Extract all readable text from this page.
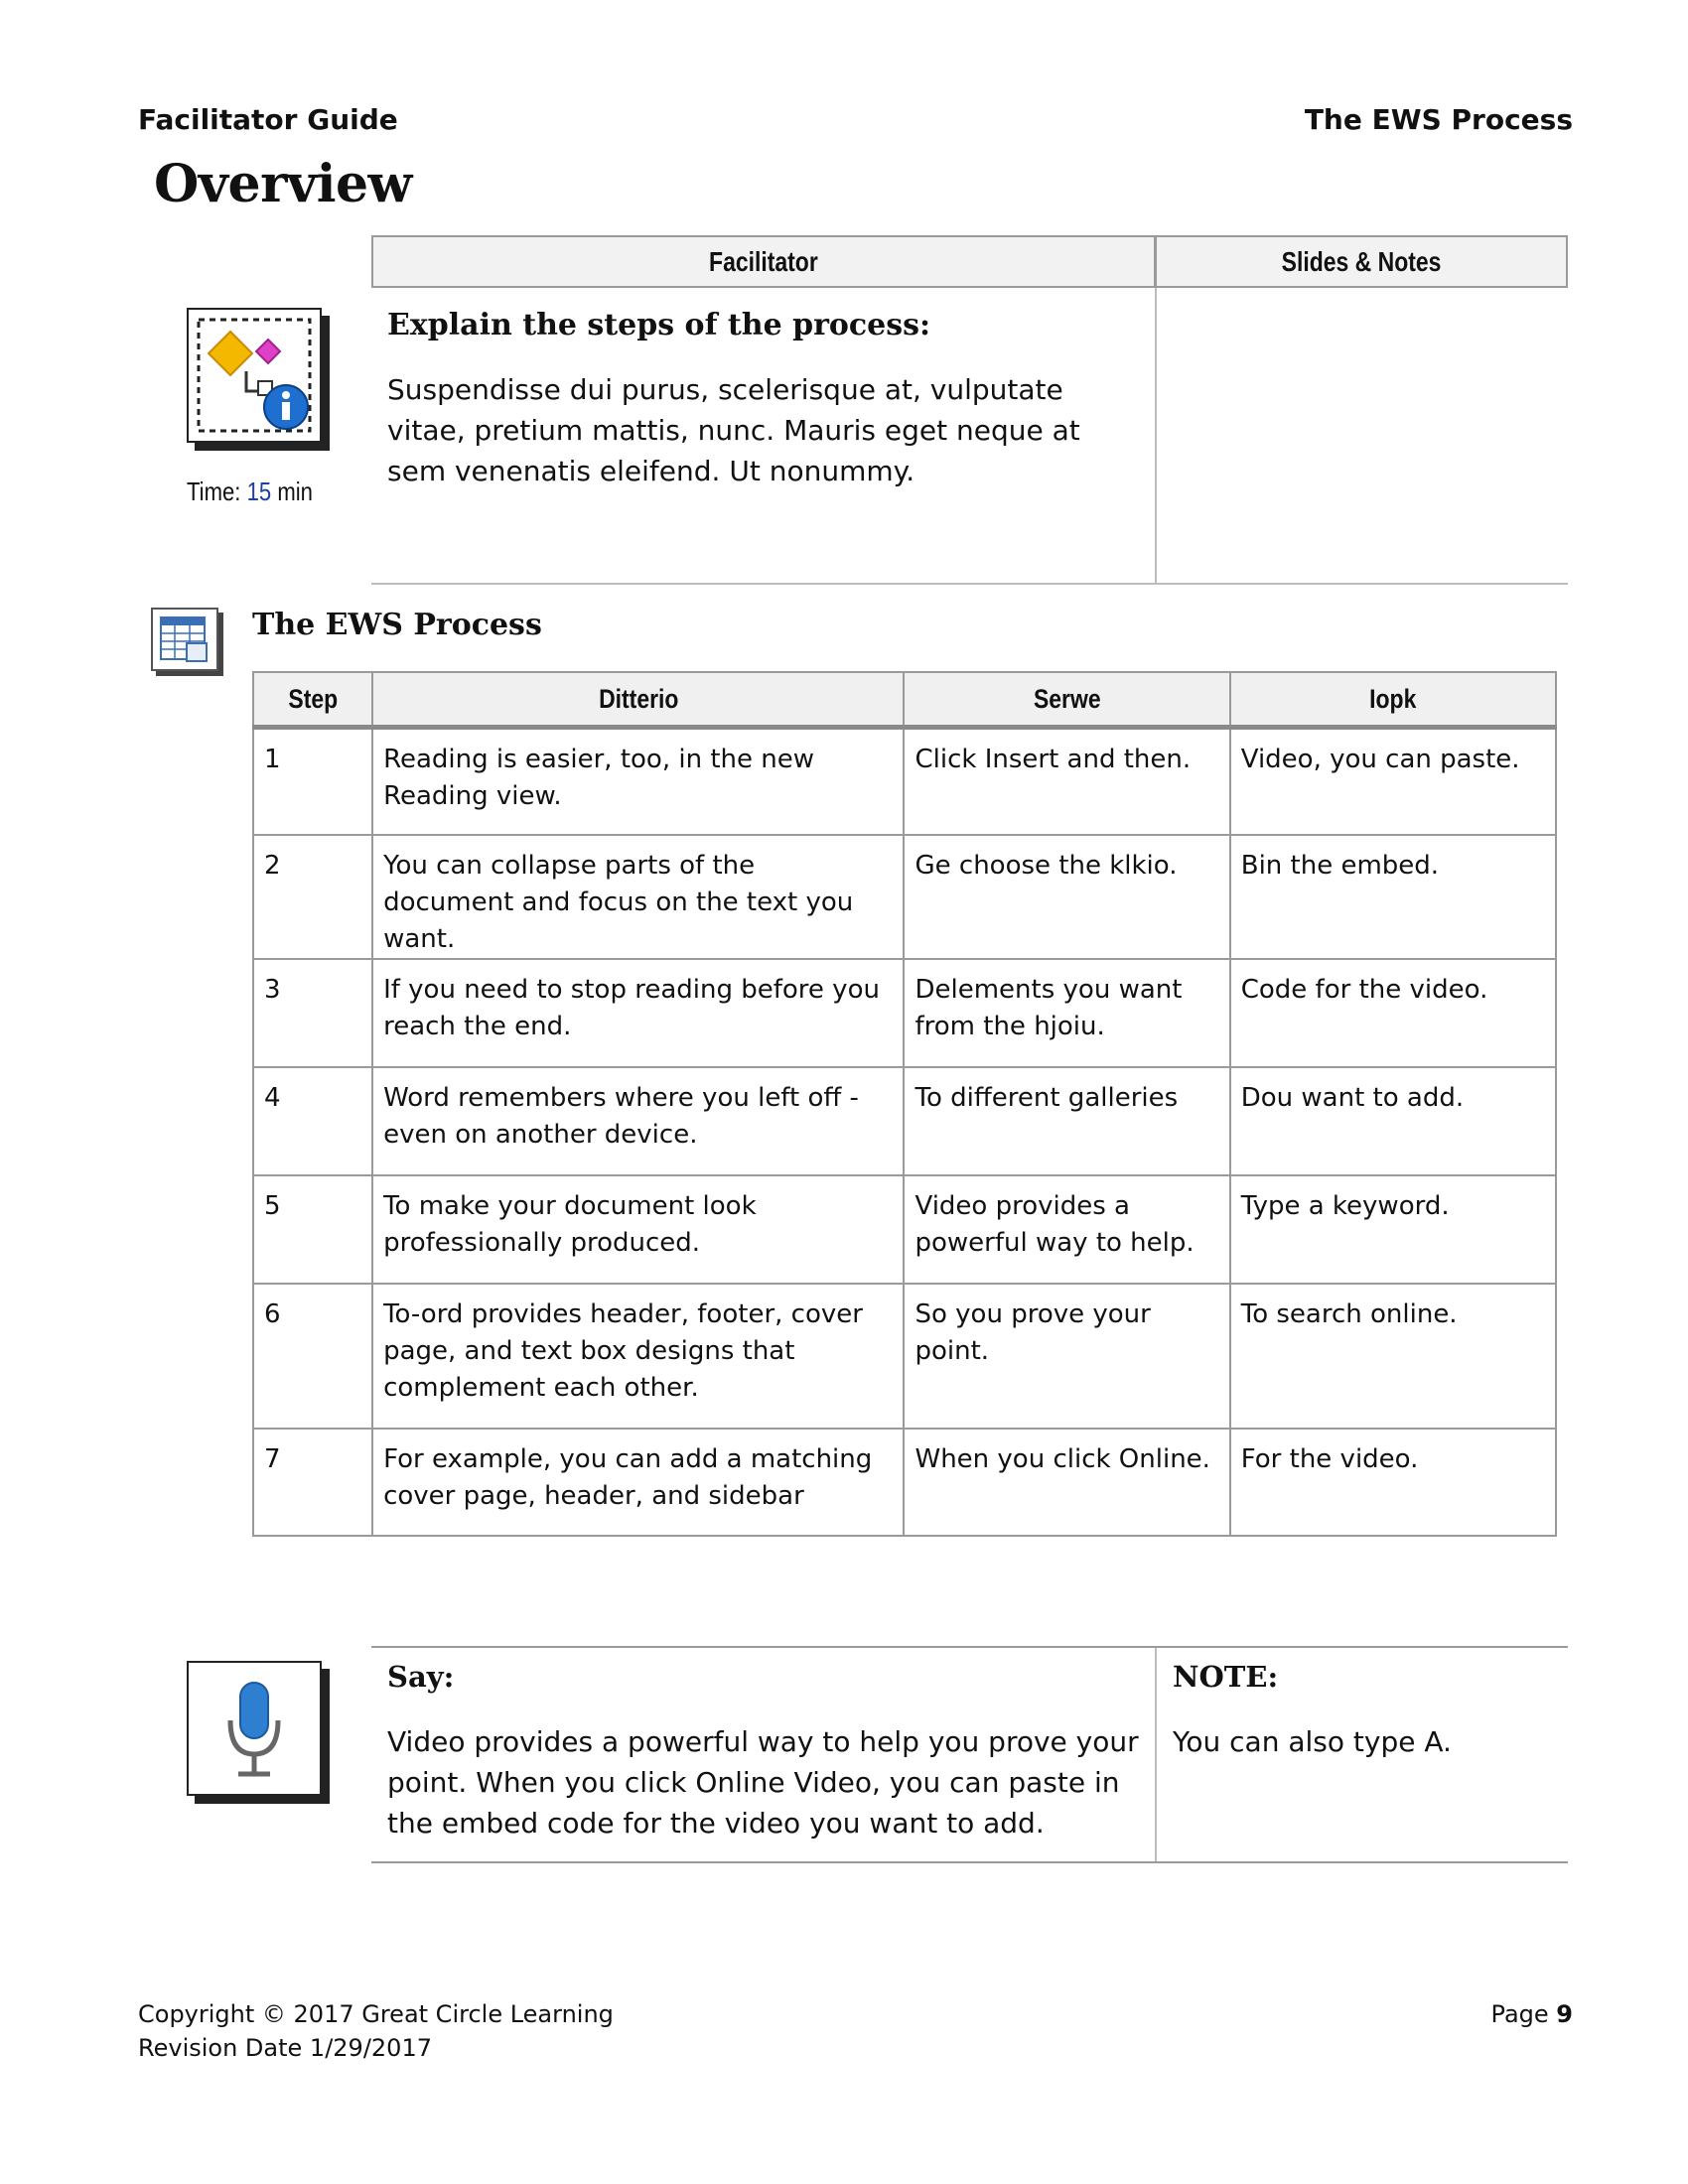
Facilitator Guide	The EWS Process
Overview
Facilitator	Slides & Notes
Time: 15 min
Explain the steps of the process:
Suspendisse dui purus, scelerisque at, vulputate vitae, pretium mattis, nunc. Mauris eget neque at sem venenatis eleifend. Ut nonummy.
The EWS Process
Step	Ditterio	Serwe	Iopk
1	Reading is easier, too, in the new Reading view.	Click Insert and then.	Video, you can paste.
2	You can collapse parts of the document and focus on the text you want.	Ge choose the klkio.	Bin the embed.
3	If you need to stop reading before you reach the end.	Delements you want from the hjoiu.	Code for the video.
4	Word remembers where you left off - even on another device.	To different galleries	Dou want to add.
5	To make your document look professionally produced.	Video provides a powerful way to help.	Type a keyword.
6	To-ord provides header, footer, cover page, and text box designs that complement each other.	So you prove your point.	To search online.
7	For example, you can add a matching cover page, header, and sidebar	When you click Online.	For the video.
Say:
Video provides a powerful way to help you prove your point. When you click Online Video, you can paste in the embed code for the video you want to add.
NOTE:
You can also type A.
Copyright © 2017 Great Circle Learning
Revision Date 1/29/2017
Page 9
